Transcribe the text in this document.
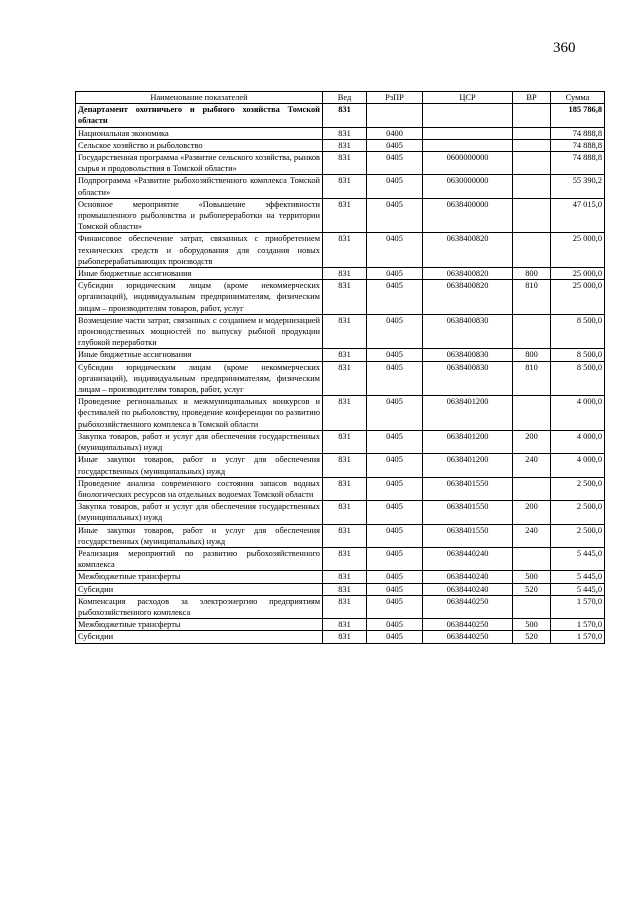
360
Наименование показателей	Вед	РзПР	ЦСР	ВР	Сумма
Департамент охотничьего и рыбного хозяйства Томской области	831				185 786,8
Национальная экономика	831	0400			74 888,8
Сельское хозяйство и рыболовство	831	0405			74 888,8
Государственная программа «Развитие сельского хозяйства, рынков сырья и продовольствия в Томской области»	831	0405	0600000000		74 888,8
Подпрограмма «Развитие рыбохозяйственного комплекса Томской области»	831	0405	0630000000		55 390,2
Основное мероприятие «Повышение эффективности промышленного рыболовства и рыбопереработки на территории Томской области»	831	0405	0638400000		47 015,0
Финансовое обеспечение затрат, связанных с приобретением технических средств и оборудования для создания новых рыбоперерабатывающих производств	831	0405	0638400820		25 000,0
Иные бюджетные ассигнования	831	0405	0638400820	800	25 000,0
Субсидии юридическим лицам (кроме некоммерческих организаций), индивидуальным предпринимателям, физическим лицам – производителям товаров, работ, услуг	831	0405	0638400820	810	25 000,0
Возмещение части затрат, связанных с созданием и модернизацией производственных мощностей по выпуску рыбной продукции глубокой переработки	831	0405	0638400830		8 500,0
Иные бюджетные ассигнования	831	0405	0638400830	800	8 500,0
Субсидии юридическим лицам (кроме некоммерческих организаций), индивидуальным предпринимателям, физическим лицам – производителям товаров, работ, услуг	831	0405	0638400830	810	8 500,0
Проведение региональных и межмуниципальных конкурсов и фестивалей по рыболовству, проведение конференции по развитию рыбохозяйственного комплекса в Томской области	831	0405	0638401200		4 000,0
Закупка товаров, работ и услуг для обеспечения государственных (муниципальных) нужд	831	0405	0638401200	200	4 000,0
Иные закупки товаров, работ и услуг для обеспечения государственных (муниципальных) нужд	831	0405	0638401200	240	4 000,0
Проведение анализа современного состояния запасов водных биологических ресурсов на отдельных водоемах Томской области	831	0405	0638401550		2 500,0
Закупка товаров, работ и услуг для обеспечения государственных (муниципальных) нужд	831	0405	0638401550	200	2 500,0
Иные закупки товаров, работ и услуг для обеспечения государственных (муниципальных) нужд	831	0405	0638401550	240	2 500,0
Реализация мероприятий по развитию рыбохозяйственного комплекса	831	0405	0638440240		5 445,0
Межбюджетные трансферты	831	0405	0638440240	500	5 445,0
Субсидии	831	0405	0638440240	520	5 445,0
Компенсация расходов за электроэнергию предприятиям рыбохозяйственного комплекса	831	0405	0638440250		1 570,0
Межбюджетные трансферты	831	0405	0638440250	500	1 570,0
Субсидии	831	0405	0638440250	520	1 570,0
